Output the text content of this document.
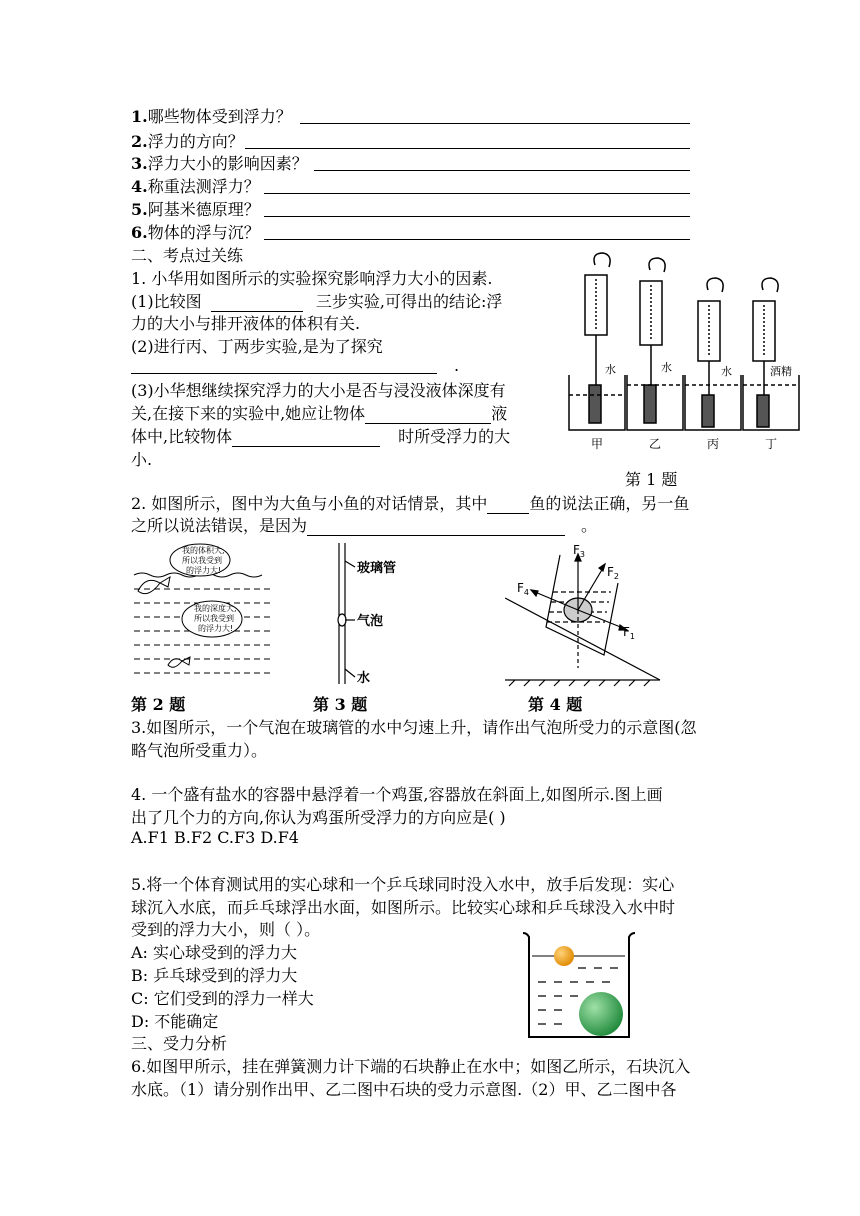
1.哪些物体受到浮力？
2.浮力的方向？
3.浮力大小的影响因素？
4.称重法测浮力？
5.阿基米德原理？
6.物体的浮与沉？
二、考点过关练
1. 小华用如图所示的实验探究影响浮力大小的因素.
(1)比较图	三步实验,可得出的结论:浮
力的大小与排开液体的体积有关.
(2)进行丙、丁两步实验,是为了探究
.
(3)小华想继续探究浮力的大小是否与浸没液体深度有
关,在接下来的实验中,她应让物体	液
体中,比较物体	时所受浮力的大
小.
水	水	水	酒精
甲	乙	丙	丁
第 1 题
2. 如图所示，图中为大鱼与小鱼的对话情景，其中	鱼的说法正确，另一鱼
之所以说法错误，是因为	。
我的体积大,
所以我受到
的浮力大!
我的深度大,
所以我受到
的浮力大!
玻璃管
气泡
水
$F_3$
$F_2$
$F_1$
$F_4$
第 2 题	第 3 题	第 4 题
3.如图所示，一个气泡在玻璃管的水中匀速上升，请作出气泡所受力的示意图(忽
略气泡所受重力）。
4. 一个盛有盐水的容器中悬浮着一个鸡蛋,容器放在斜面上,如图所示.图上画
出了几个力的方向,你认为鸡蛋所受浮力的方向应是( )
A.F1 B.F2 C.F3 D.F4
5.将一个体育测试用的实心球和一个乒乓球同时没入水中，放手后发现：实心
球沉入水底，而乒乓球浮出水面，如图所示。比较实心球和乒乓球没入水中时
受到的浮力大小，则（ ）。
A: 实心球受到的浮力大
B: 乒乓球受到的浮力大
C: 它们受到的浮力一样大
D: 不能确定
三、受力分析
6.如图甲所示，挂在弹簧测力计下端的石块静止在水中；如图乙所示，石块沉入
水底。（1）请分别作出甲、乙二图中石块的受力示意图.（2）甲、乙二图中各
